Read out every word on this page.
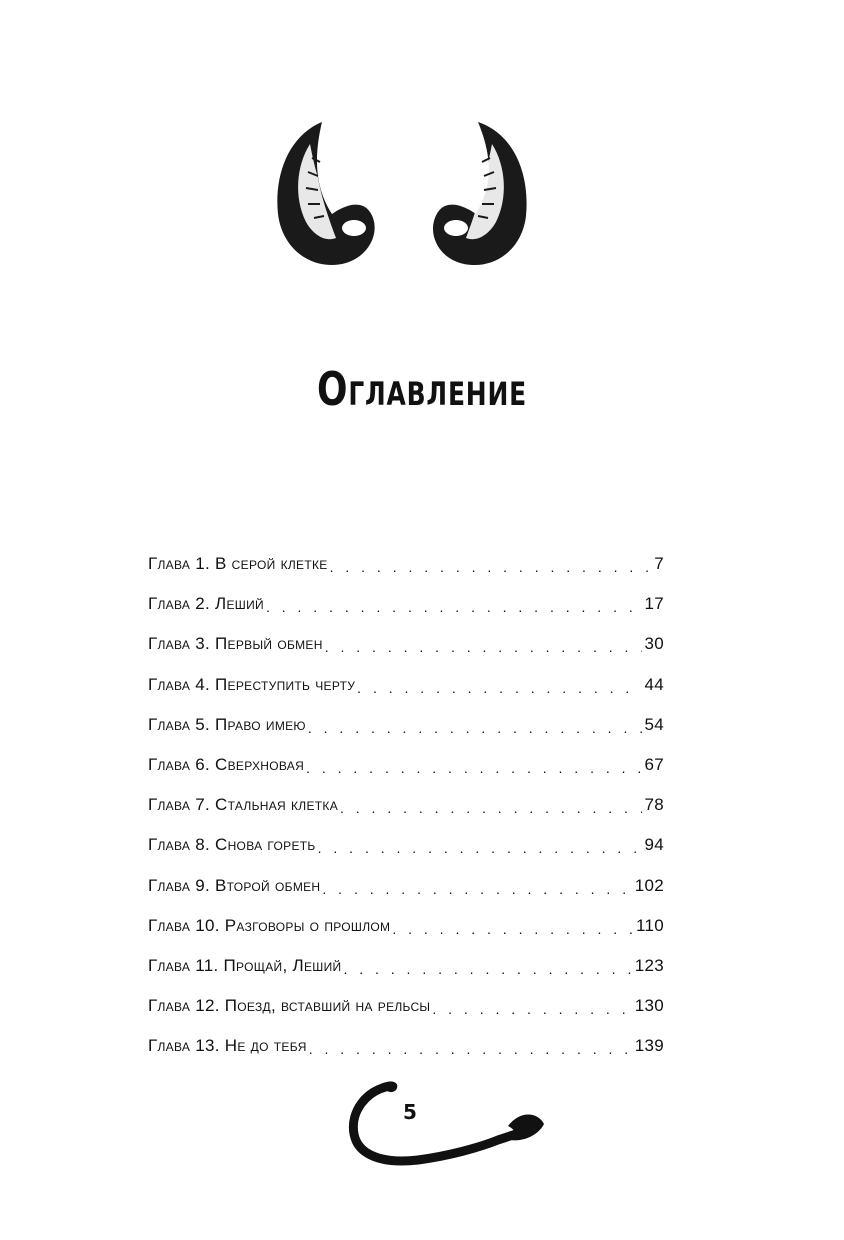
Оглавление
Глава 1. В серой клетке . . .	7
Глава 2. Леший . . .	17
Глава 3. Первый обмен . . .	30
Глава 4. Переступить черту . . .	44
Глава 5. Право имею . . .	54
Глава 6. Сверхновая . . .	67
Глава 7. Стальная клетка . . .	78
Глава 8. Снова гореть . . .	94
Глава 9. Второй обмен . . .	102
Глава 10. Разговоры о прошлом . . .	110
Глава 11. Прощай, Леший . . .	123
Глава 12. Поезд, вставший на рельсы . . .	130
Глава 13. Не до тебя . . .	139
5
